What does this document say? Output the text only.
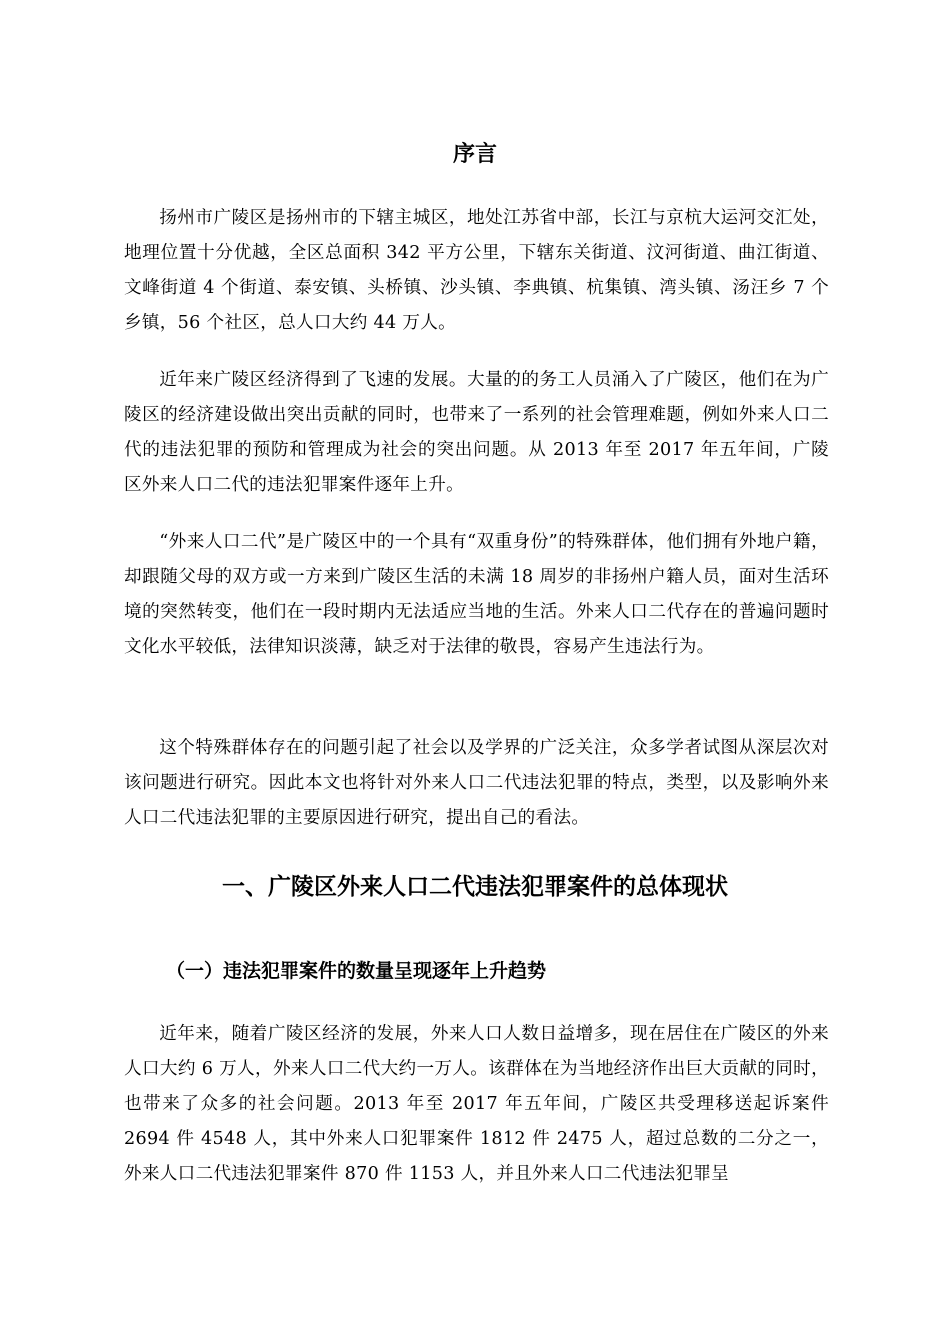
序言

扬州市广陵区是扬州市的下辖主城区，地处江苏省中部，长江与京杭大运河交汇处，地理位置十分优越，全区总面积 342 平方公里，下辖东关街道、汶河街道、曲江街道、文峰街道 4 个街道、泰安镇、头桥镇、沙头镇、李典镇、杭集镇、湾头镇、汤汪乡 7 个乡镇，56 个社区，总人口大约 44 万人。

近年来广陵区经济得到了飞速的发展。大量的的务工人员涌入了广陵区，他们在为广陵区的经济建设做出突出贡献的同时，也带来了一系列的社会管理难题，例如外来人口二代的违法犯罪的预防和管理成为社会的突出问题。从 2013 年至 2017 年五年间，广陵区外来人口二代的违法犯罪案件逐年上升。

“外来人口二代”是广陵区中的一个具有“双重身份”的特殊群体，他们拥有外地户籍，却跟随父母的双方或一方来到广陵区生活的未满 18 周岁的非扬州户籍人员，面对生活环境的突然转变，他们在一段时期内无法适应当地的生活。外来人口二代存在的普遍问题时文化水平较低，法律知识淡薄，缺乏对于法律的敬畏，容易产生违法行为。

这个特殊群体存在的问题引起了社会以及学界的广泛关注，众多学者试图从深层次对该问题进行研究。因此本文也将针对外来人口二代违法犯罪的特点，类型，以及影响外来人口二代违法犯罪的主要原因进行研究，提出自己的看法。

一、广陵区外来人口二代违法犯罪案件的总体现状
（一）违法犯罪案件的数量呈现逐年上升趋势

近年来，随着广陵区经济的发展，外来人口人数日益增多，现在居住在广陵区的外来人口大约 6 万人，外来人口二代大约一万人。该群体在为当地经济作出巨大贡献的同时，也带来了众多的社会问题。2013 年至 2017 年五年间，广陵区共受理移送起诉案件 2694 件 4548 人，其中外来人口犯罪案件 1812 件 2475 人，超过总数的二分之一，外来人口二代违法犯罪案件 870 件 1153 人，并且外来人口二代违法犯罪呈
